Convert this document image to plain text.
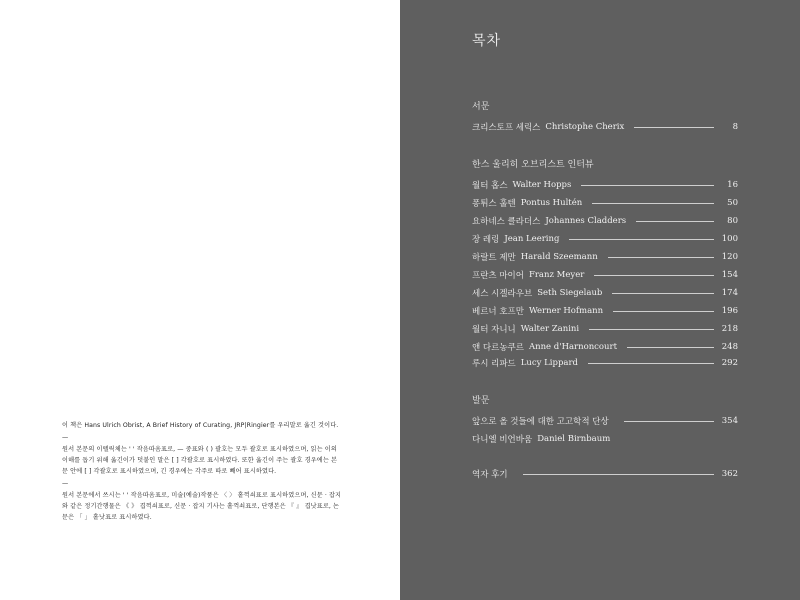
이 책은 Hans Ulrich Obrist, A Brief History of Curating, JRP|Ringier를 우리말로 옮긴 것이다.

—

원서 본문의 이텔릭체는 ' ' 작음따옴표로, — 중표와 ( ) 괄호는 모두 괄호로 표시하였으며, 읽는 이의 이해를 돕기 위해 옮긴이가 덧붙인 말은 [ ] 각괄호로 표시하였다. 또한 옮긴이 주는 괄호 경우에는 본문 안에 [ ] 각괄호로 표시하였으며, 긴 경우에는 각주로 따로 빼어 표시하였다.

—

원서 본문에서 쓰시는 ' ' 작음따옴표로, 미술(예술)작품은 〈 〉 홑꺽쇠표로 표시하였으며, 신문 · 잡지와 같은 정기간행물은 《 》 겹꺽쇠표로, 신문 · 잡지 기사는 홑꺽쇠표로, 단행본은 『 』 겹낫표로, 논문은 「 」 홑낫표로 표시하였다.

목차
서문
크리스토프 세릭스 Christophe Cherix	8
한스 울리히 오브리스트 인터뷰
월터 홉스 Walter Hopps	16
퐁튀스 훌텐 Pontus Hultén	50
요하네스 클라더스 Johannes Cladders	80
장 레링 Jean Leering	100
하랄트 제만 Harald Szeemann	120
프란츠 마이어 Franz Meyer	154
세스 시겔라우브 Seth Siegelaub	174
베르너 호프만 Werner Hofmann	196
월터 자니니 Walter Zanini	218
앤 다르농쿠르 Anne d'Harnoncourt	248
루시 리파드 Lucy Lippard	292
발문
앞으로 올 것들에 대한 고고학적 단상	354
다니엘 비언바움 Daniel Birnbaum
역자 후기	362
